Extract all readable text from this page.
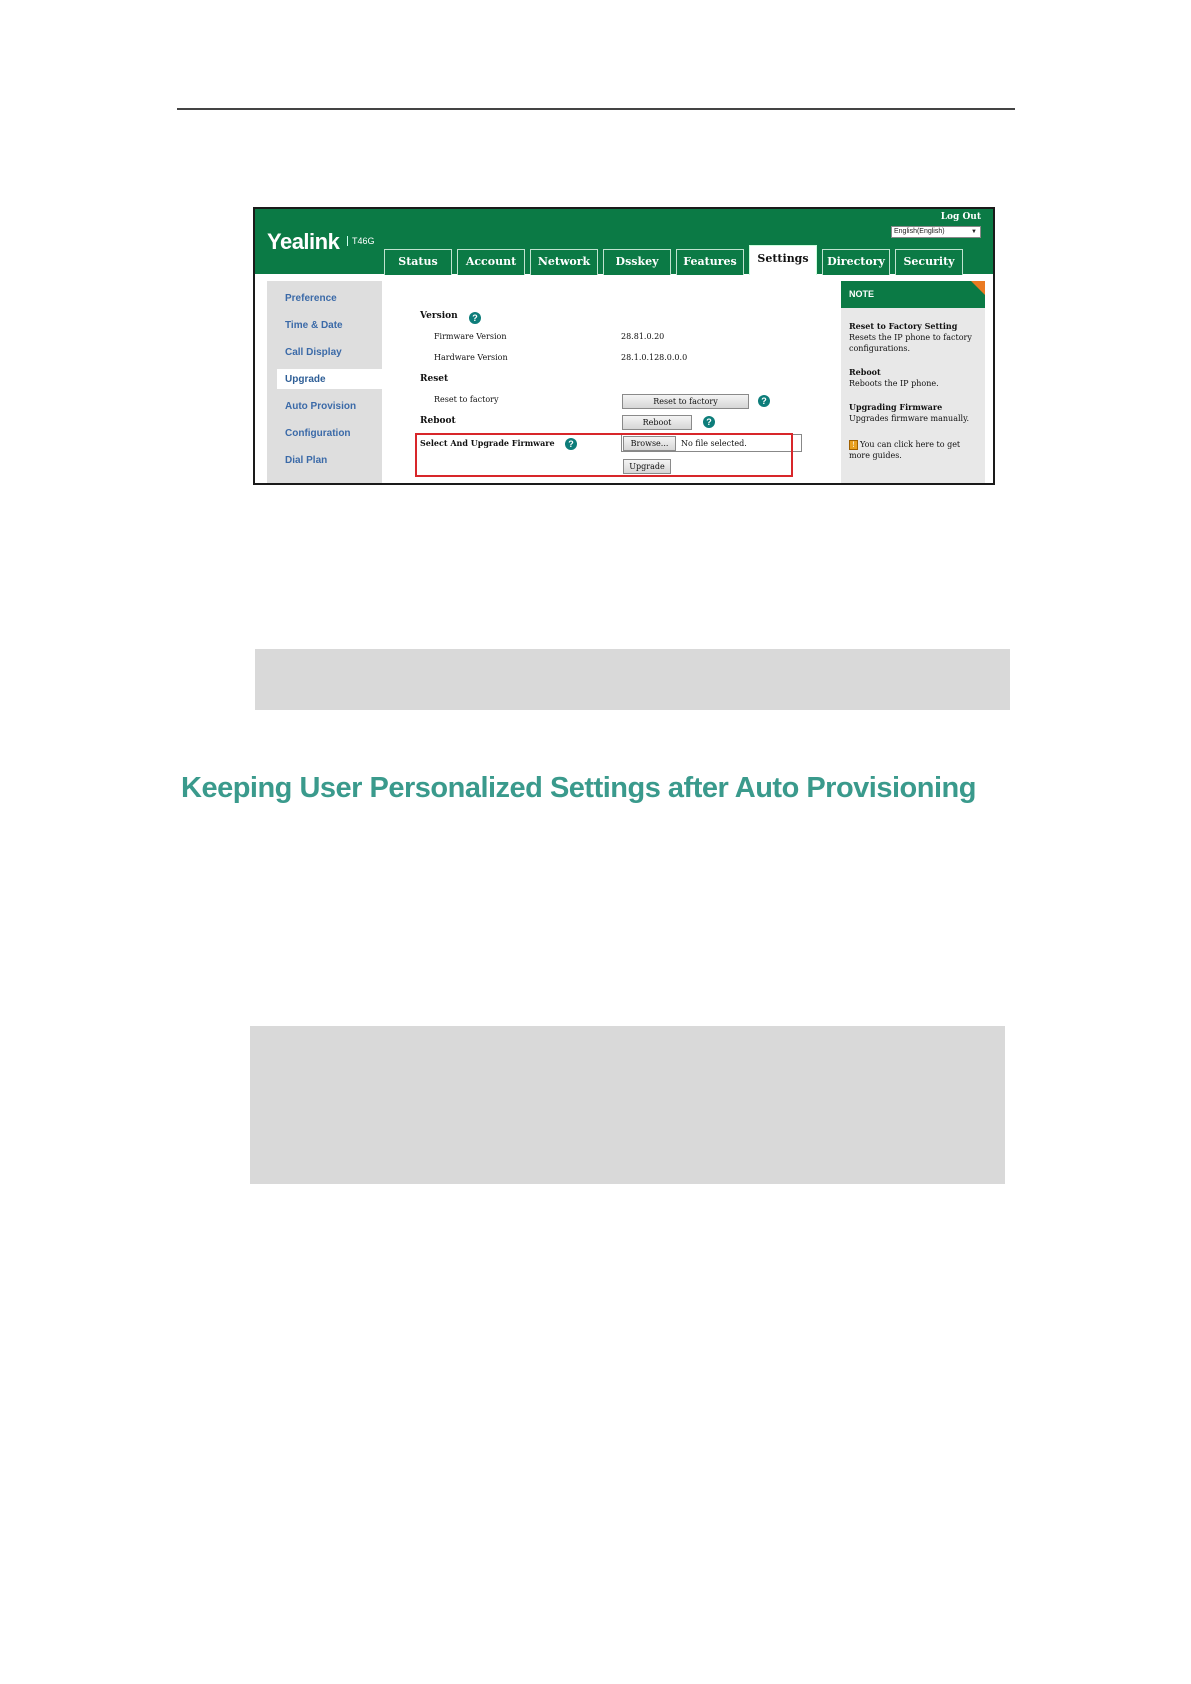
Yealink	T46G
Log Out
English(English)	▼
Status	Account	Network	Dsskey	Features	Settings	Directory	Security
Preference
Time & Date
Call Display
Upgrade
Auto Provision
Configuration
Dial Plan
Version	?
Firmware Version	28.81.0.20
Hardware Version	28.1.0.128.0.0.0
Reset
Reset to factory	Reset to factory	?
Reboot	Reboot	?
Select And Upgrade Firmware	?	Browse...	No file selected.
Upgrade
NOTE
Reset to Factory Setting
Resets the IP phone to factory configurations.
Reboot
Reboots the IP phone.
Upgrading Firmware
Upgrades firmware manually.
! You can click here to get more guides.
Keeping User Personalized Settings after Auto Provisioning
